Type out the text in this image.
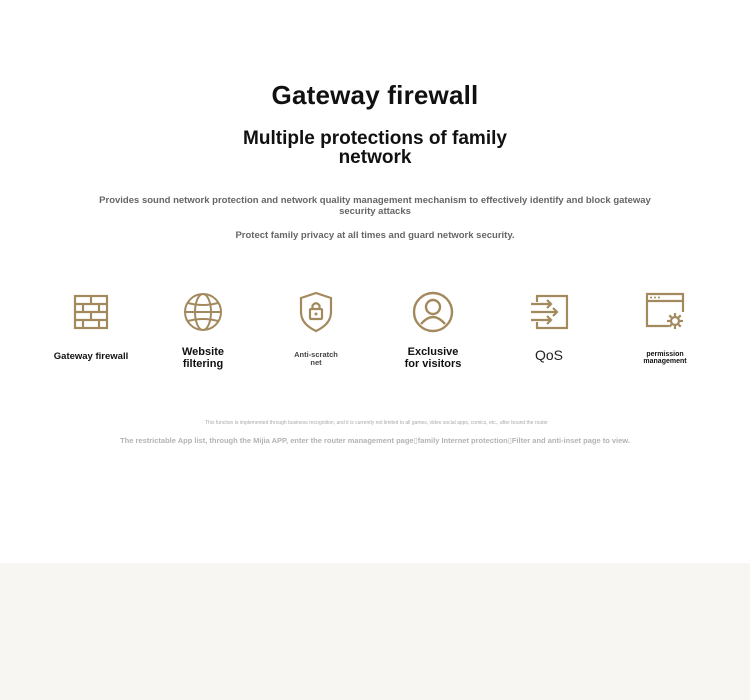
Gateway firewall
Multiple protections of family network
Provides sound network protection and network quality management mechanism to effectively identify and block gateway security attacks
Protect family privacy at all times and guard network security.
Gateway firewall	Website filtering
Anti-scratch net
Exclusive for visitors
QoS	permission management
· This function is implemented through business recognition, and it is currently not limited to all games, video social apps, comics, etc., after bound the router
The restrictable App list, through the Mijia APP, enter the router management page▯family Internet protection▯Filter and anti-inset page to view.
